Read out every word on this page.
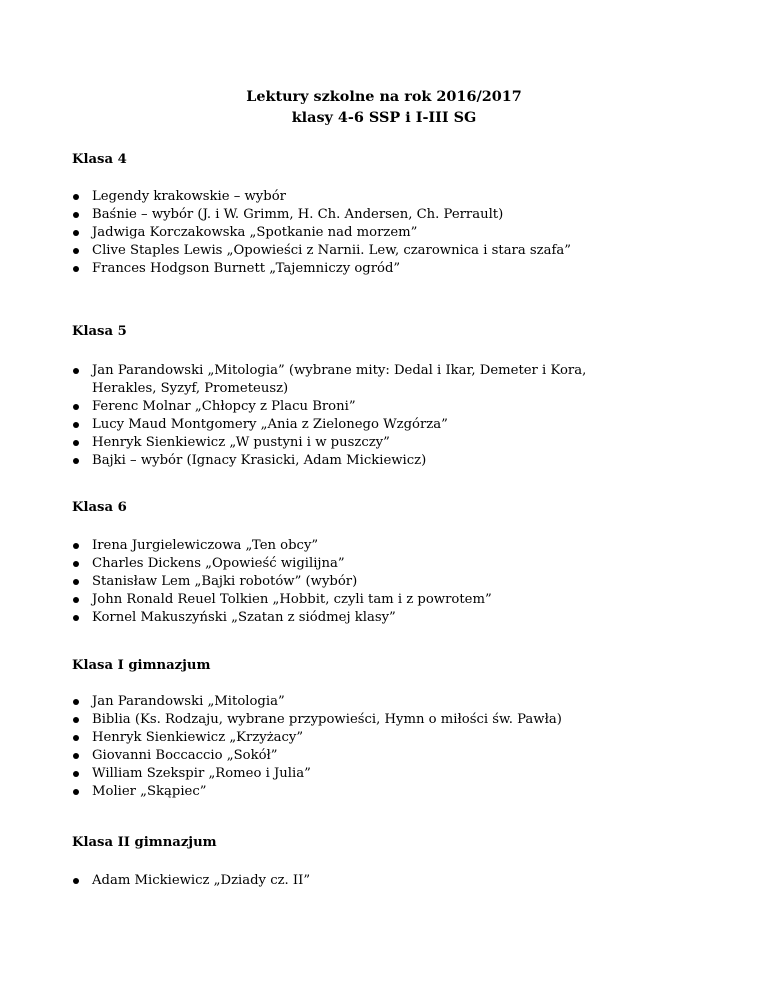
Lektury szkolne na rok 2016/2017
klasy 4-6 SSP i I-III SG
Klasa 4
Legendy krakowskie – wybór
Baśnie – wybór (J. i W. Grimm, H. Ch. Andersen, Ch. Perrault)
Jadwiga Korczakowska „Spotkanie nad morzem”
Clive Staples Lewis „Opowieści z Narnii. Lew, czarownica i stara szafa”
Frances Hodgson Burnett „Tajemniczy ogród”
Klasa 5
Jan Parandowski „Mitologia” (wybrane mity: Dedal i Ikar, Demeter i Kora, Herakles, Syzyf, Prometeusz)
Ferenc Molnar „Chłopcy z Placu Broni”
Lucy Maud Montgomery „Ania z Zielonego Wzgórza”
Henryk Sienkiewicz „W pustyni i w puszczy”
Bajki – wybór (Ignacy Krasicki, Adam Mickiewicz)
Klasa 6
Irena Jurgielewiczowa „Ten obcy”
Charles Dickens „Opowieść wigilijna”
Stanisław Lem „Bajki robotów” (wybór)
John Ronald Reuel Tolkien „Hobbit, czyli tam i z powrotem”
Kornel Makuszyński „Szatan z siódmej klasy”
Klasa I gimnazjum
Jan Parandowski „Mitologia”
Biblia (Ks. Rodzaju, wybrane przypowieści, Hymn o miłości św. Pawła)
Henryk Sienkiewicz „Krzyżacy”
Giovanni Boccaccio „Sokół”
William Szekspir „Romeo i Julia”
Molier „Skąpiec”
Klasa II gimnazjum
Adam Mickiewicz „Dziady cz. II”
